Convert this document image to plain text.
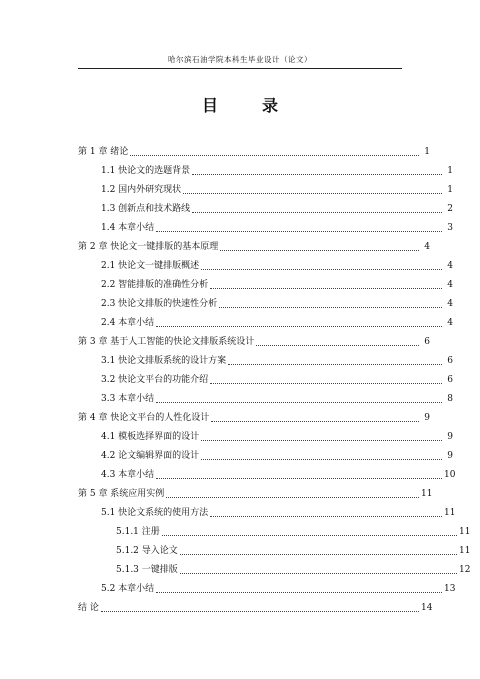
哈尔滨石油学院本科生毕业设计（论文）
目　录
第 1 章 绪论	1
1.1 快论文的选题背景	1
1.2 国内外研究现状	1
1.3 创新点和技术路线	2
1.4 本章小结	3
第 2 章 快论文一键排版的基本原理	4
2.1 快论文一键排版概述	4
2.2 智能排版的准确性分析	4
2.3 快论文排版的快速性分析	4
2.4 本章小结	4
第 3 章 基于人工智能的快论文排版系统设计	6
3.1 快论文排版系统的设计方案	6
3.2 快论文平台的功能介绍	6
3.3 本章小结	8
第 4 章 快论文平台的人性化设计	9
4.1 模板选择界面的设计	9
4.2 论文编辑界面的设计	9
4.3 本章小结	10
第 5 章 系统应用实例	11
5.1 快论文系统的使用方法	11
5.1.1 注册	11
5.1.2 导入论文	11
5.1.3 一键排版	12
5.2 本章小结	13
结 论	14
